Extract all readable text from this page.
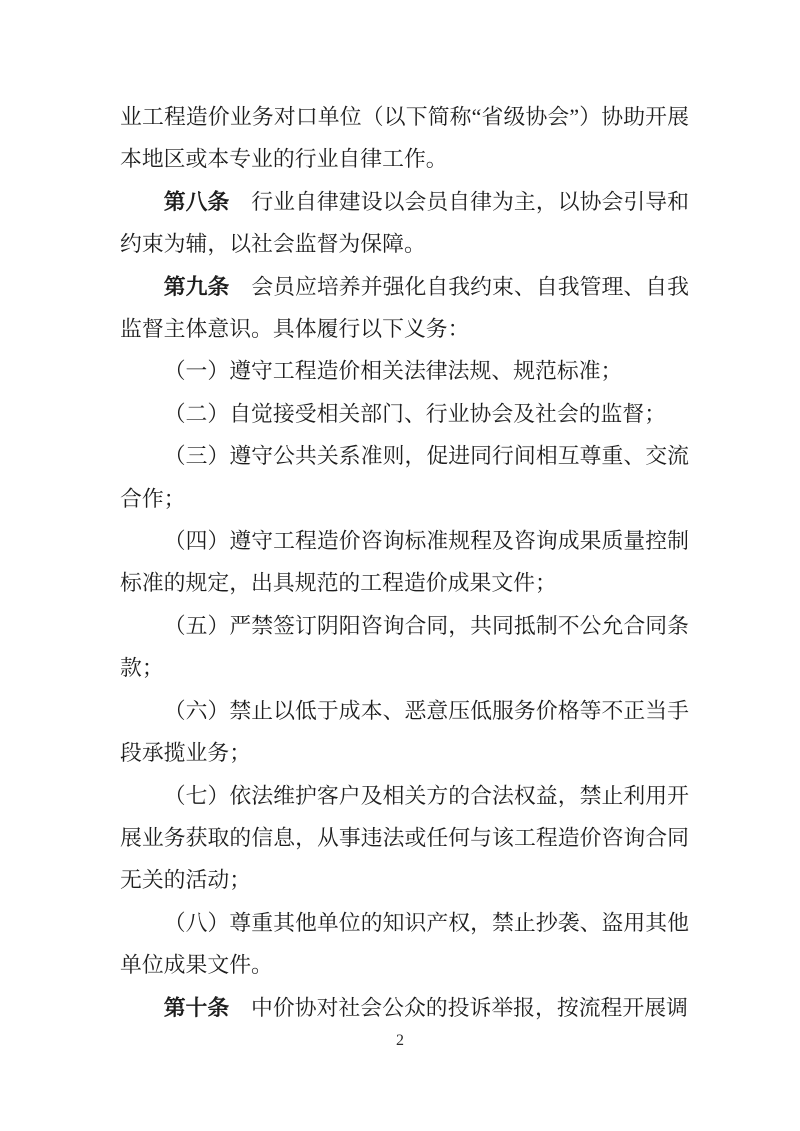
业工程造价业务对口单位（以下简称“省级协会”）协助开展本地区或本专业的行业自律工作。

第八条　行业自律建设以会员自律为主，以协会引导和约束为辅，以社会监督为保障。

第九条　会员应培养并强化自我约束、自我管理、自我监督主体意识。具体履行以下义务：

（一）遵守工程造价相关法律法规、规范标准；

（二）自觉接受相关部门、行业协会及社会的监督；

（三）遵守公共关系准则，促进同行间相互尊重、交流合作；

（四）遵守工程造价咨询标准规程及咨询成果质量控制标准的规定，出具规范的工程造价成果文件；

（五）严禁签订阴阳咨询合同，共同抵制不公允合同条款；

（六）禁止以低于成本、恶意压低服务价格等不正当手段承揽业务；

（七）依法维护客户及相关方的合法权益，禁止利用开展业务获取的信息，从事违法或任何与该工程造价咨询合同无关的活动；

（八）尊重其他单位的知识产权，禁止抄袭、盗用其他单位成果文件。

第十条　中价协对社会公众的投诉举报，按流程开展调

2
